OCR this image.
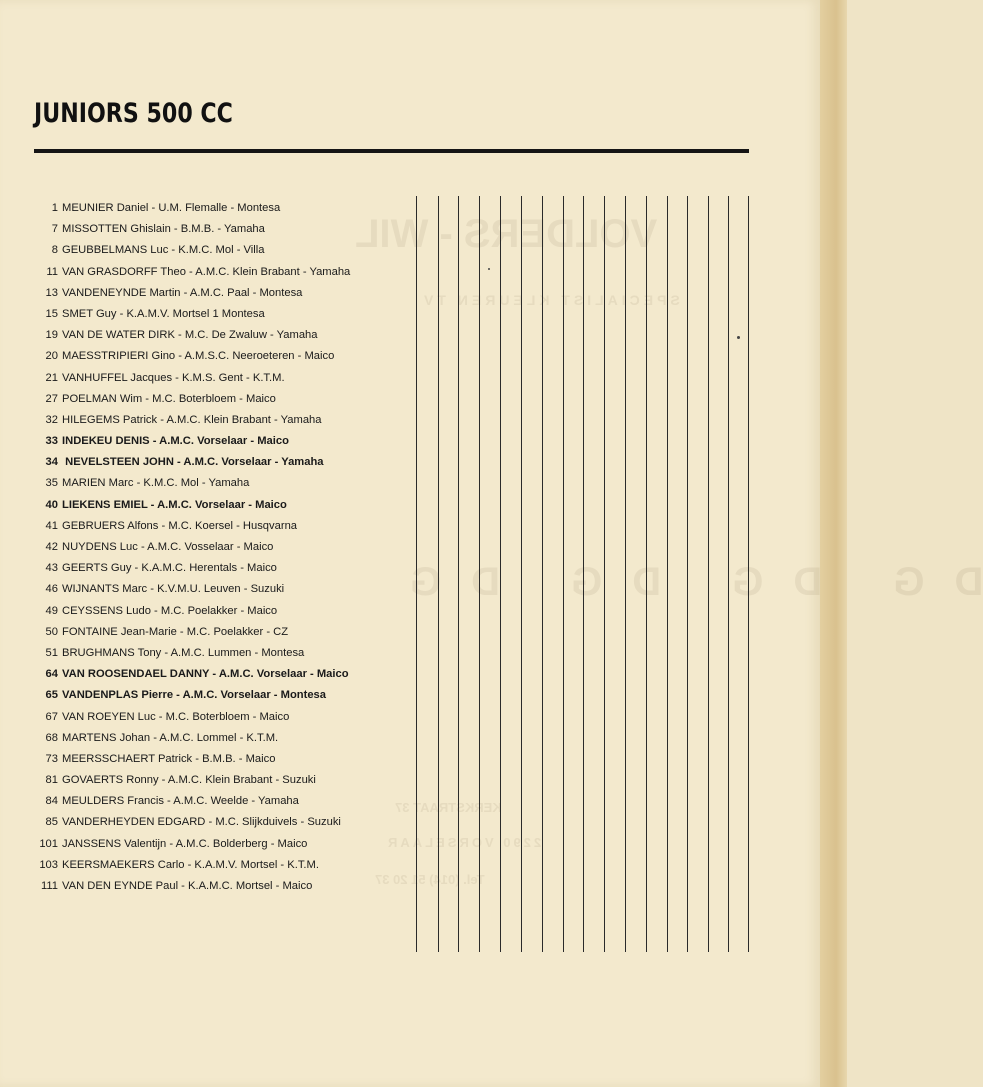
VOLDERS - WIL
SPECIALIST KLEUREN TV
DG DG DG DG
KERKSTRAAT 37
2290 VORSELAAR
Tel. (014) 51 20 37
JUNIORS 500 CC
1 MEUNIER Daniel - U.M. Flemalle - Montesa
7 MISSOTTEN Ghislain - B.M.B. - Yamaha
8 GEUBBELMANS Luc - K.M.C. Mol - Villa
11 VAN GRASDORFF Theo - A.M.C. Klein Brabant - Yamaha
13 VANDENEYNDE Martin - A.M.C. Paal - Montesa
15 SMET Guy - K.A.M.V. Mortsel 1 Montesa
19 VAN DE WATER DIRK - M.C. De Zwaluw - Yamaha
20 MAESSTRIPIERI Gino - A.M.S.C. Neeroeteren - Maico
21 VANHUFFEL Jacques - K.M.S. Gent - K.T.M.
27 POELMAN Wim - M.C. Boterbloem - Maico
32 HILEGEMS Patrick - A.M.C. Klein Brabant - Yamaha
33 INDEKEU DENIS - A.M.C. Vorselaar - Maico
34 NEVELSTEEN JOHN - A.M.C. Vorselaar - Yamaha
35 MARIEN Marc - K.M.C. Mol - Yamaha
40 LIEKENS EMIEL - A.M.C. Vorselaar - Maico
41 GEBRUERS Alfons - M.C. Koersel - Husqvarna
42 NUYDENS Luc - A.M.C. Vosselaar - Maico
43 GEERTS Guy - K.A.M.C. Herentals - Maico
46 WIJNANTS Marc - K.V.M.U. Leuven - Suzuki
49 CEYSSENS Ludo - M.C. Poelakker - Maico
50 FONTAINE Jean-Marie - M.C. Poelakker - CZ
51 BRUGHMANS Tony - A.M.C. Lummen - Montesa
64 VAN ROOSENDAEL DANNY - A.M.C. Vorselaar - Maico
65 VANDENPLAS Pierre - A.M.C. Vorselaar - Montesa
67 VAN ROEYEN Luc - M.C. Boterbloem - Maico
68 MARTENS Johan - A.M.C. Lommel - K.T.M.
73 MEERSSCHAERT Patrick - B.M.B. - Maico
81 GOVAERTS Ronny - A.M.C. Klein Brabant - Suzuki
84 MEULDERS Francis - A.M.C. Weelde - Yamaha
85 VANDERHEYDEN EDGARD - M.C. Slijkduivels - Suzuki
101 JANSSENS Valentijn - A.M.C. Bolderberg - Maico
103 KEERSMAEKERS Carlo - K.A.M.V. Mortsel - K.T.M.
111 VAN DEN EYNDE Paul - K.A.M.C. Mortsel - Maico
